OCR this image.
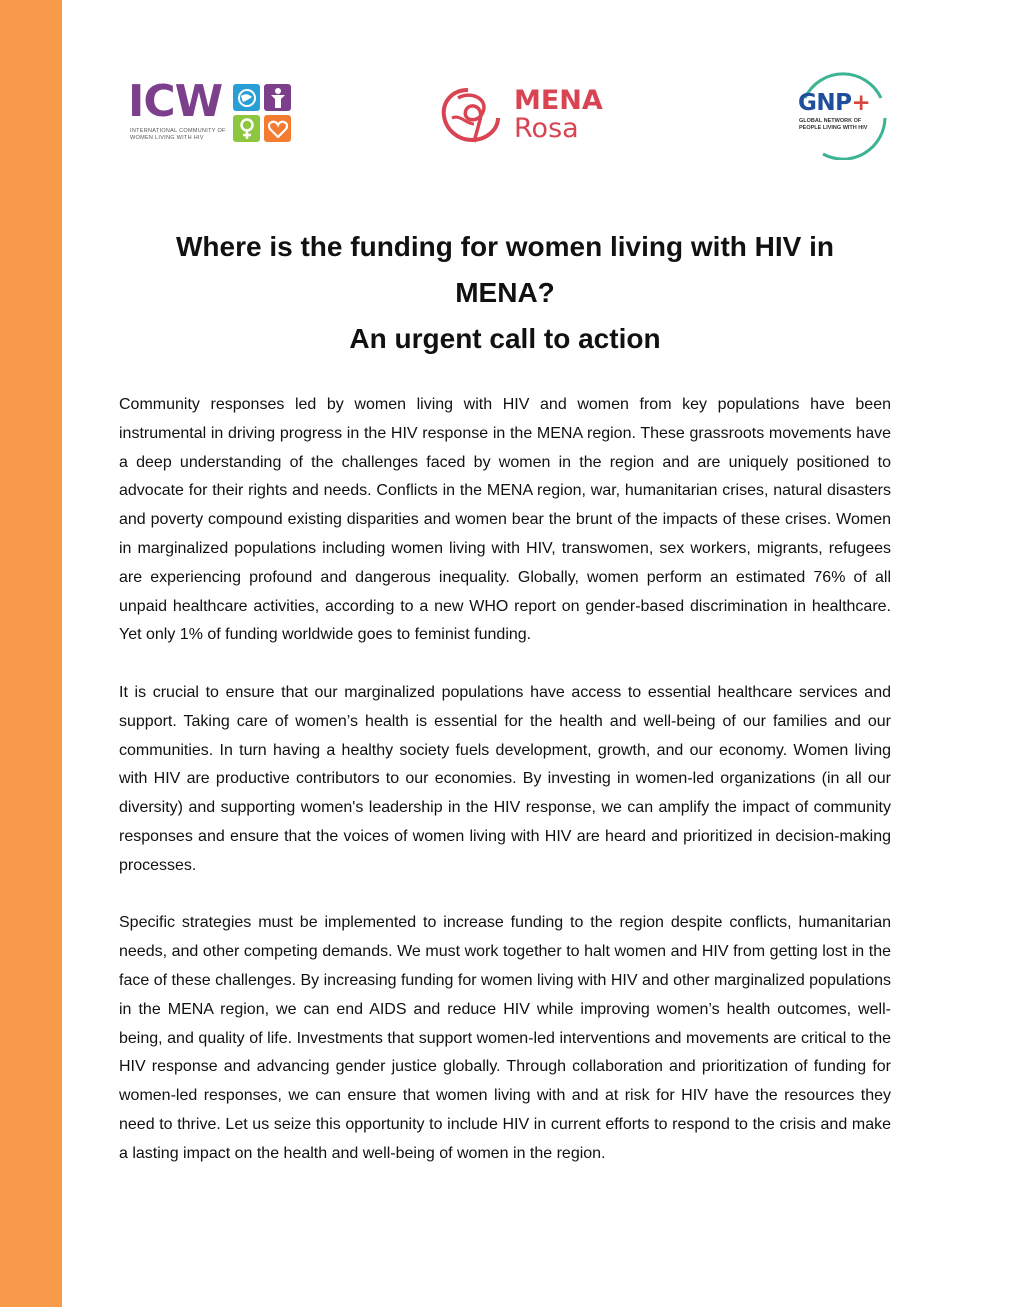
ICW
INTERNATIONAL COMMUNITY OF WOMEN LIVING WITH HIV
MENA
Rosa
GNP+
GLOBAL NETWORK OF PEOPLE LIVING WITH HIV
Where is the funding for women living with HIV in
MENA?
An urgent call to action

Community responses led by women living with HIV and women from key populations have been instrumental in driving progress in the HIV response in the MENA region. These grassroots movements have a deep understanding of the challenges faced by women in the region and are uniquely positioned to advocate for their rights and needs. Conflicts in the MENA region, war, humanitarian crises, natural disasters and poverty compound existing disparities and women bear the brunt of the impacts of these crises. Women in marginalized populations including women living with HIV, transwomen, sex workers, migrants, refugees are experiencing profound and dangerous inequality. Globally, women perform an estimated 76% of all unpaid healthcare activities, according to a new WHO report on gender-based discrimination in healthcare. Yet only 1% of funding worldwide goes to feminist funding.

It is crucial to ensure that our marginalized populations have access to essential healthcare services and support. Taking care of women’s health is essential for the health and well-being of our families and our communities. In turn having a healthy society fuels development, growth, and our economy. Women living with HIV are productive contributors to our economies. By investing in women-led organizations (in all our diversity) and supporting women's leadership in the HIV response, we can amplify the impact of community responses and ensure that the voices of women living with HIV are heard and prioritized in decision-making processes.

Specific strategies must be implemented to increase funding to the region despite conflicts, humanitarian needs, and other competing demands. We must work together to halt women and HIV from getting lost in the face of these challenges. By increasing funding for women living with HIV and other marginalized populations in the MENA region, we can end AIDS and reduce HIV while improving women’s health outcomes, well-being, and quality of life. Investments that support women-led interventions and movements are critical to the HIV response and advancing gender justice globally. Through collaboration and prioritization of funding for women-led responses, we can ensure that women living with and at risk for HIV have the resources they need to thrive. Let us seize this opportunity to include HIV in current efforts to respond to the crisis and make a lasting impact on the health and well-being of women in the region.
